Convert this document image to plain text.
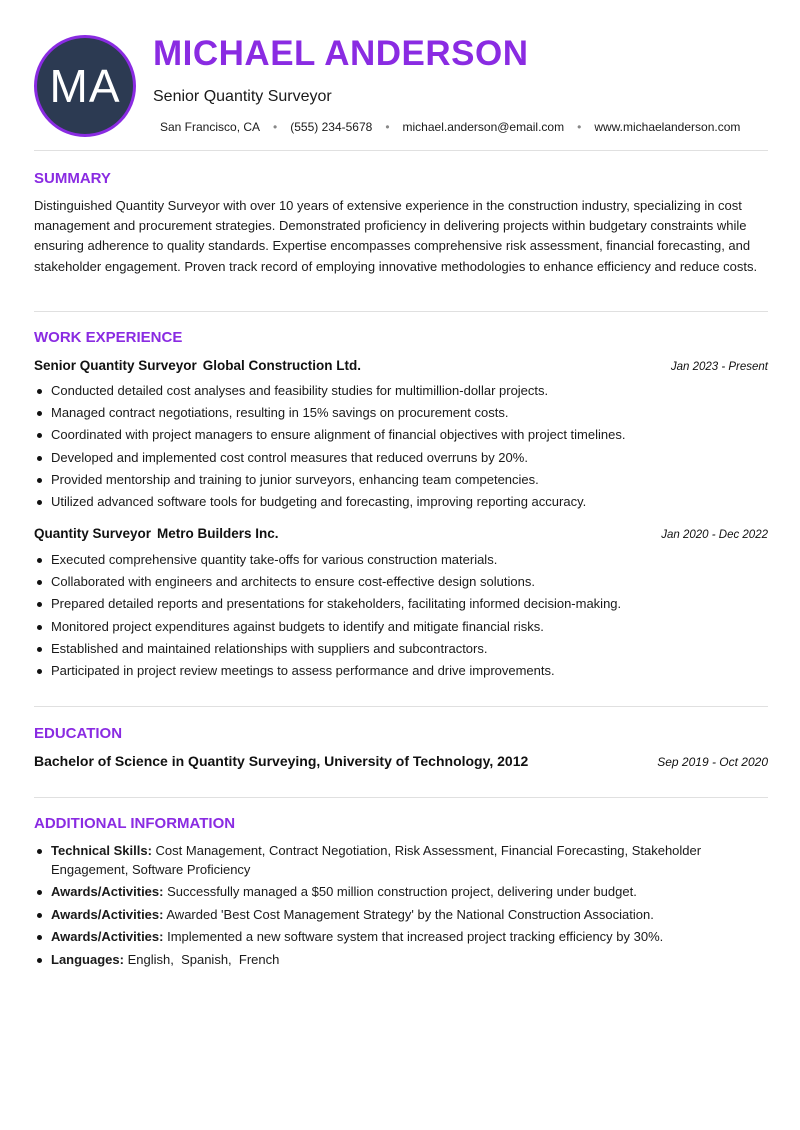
MA
MICHAEL ANDERSON
Senior Quantity Surveyor
San Francisco, CA • (555) 234-5678 • michael.anderson@email.com • www.michaelanderson.com
SUMMARY
Distinguished Quantity Surveyor with over 10 years of extensive experience in the construction industry, specializing in cost management and procurement strategies. Demonstrated proficiency in delivering projects within budgetary constraints while ensuring adherence to quality standards. Expertise encompasses comprehensive risk assessment, financial forecasting, and stakeholder engagement. Proven track record of employing innovative methodologies to enhance efficiency and reduce costs.
WORK EXPERIENCE
Senior Quantity Surveyor Global Construction Ltd.	Jan 2023 - Present
Conducted detailed cost analyses and feasibility studies for multimillion-dollar projects.
Managed contract negotiations, resulting in 15% savings on procurement costs.
Coordinated with project managers to ensure alignment of financial objectives with project timelines.
Developed and implemented cost control measures that reduced overruns by 20%.
Provided mentorship and training to junior surveyors, enhancing team competencies.
Utilized advanced software tools for budgeting and forecasting, improving reporting accuracy.
Quantity Surveyor Metro Builders Inc.	Jan 2020 - Dec 2022
Executed comprehensive quantity take-offs for various construction materials.
Collaborated with engineers and architects to ensure cost-effective design solutions.
Prepared detailed reports and presentations for stakeholders, facilitating informed decision-making.
Monitored project expenditures against budgets to identify and mitigate financial risks.
Established and maintained relationships with suppliers and subcontractors.
Participated in project review meetings to assess performance and drive improvements.
EDUCATION
Bachelor of Science in Quantity Surveying, University of Technology, 2012	Sep 2019 - Oct 2020
ADDITIONAL INFORMATION
Technical Skills: Cost Management, Contract Negotiation, Risk Assessment, Financial Forecasting, Stakeholder Engagement, Software Proficiency
Awards/Activities: Successfully managed a $50 million construction project, delivering under budget.
Awards/Activities: Awarded 'Best Cost Management Strategy' by the National Construction Association.
Awards/Activities: Implemented a new software system that increased project tracking efficiency by 30%.
Languages: English,  Spanish,  French
